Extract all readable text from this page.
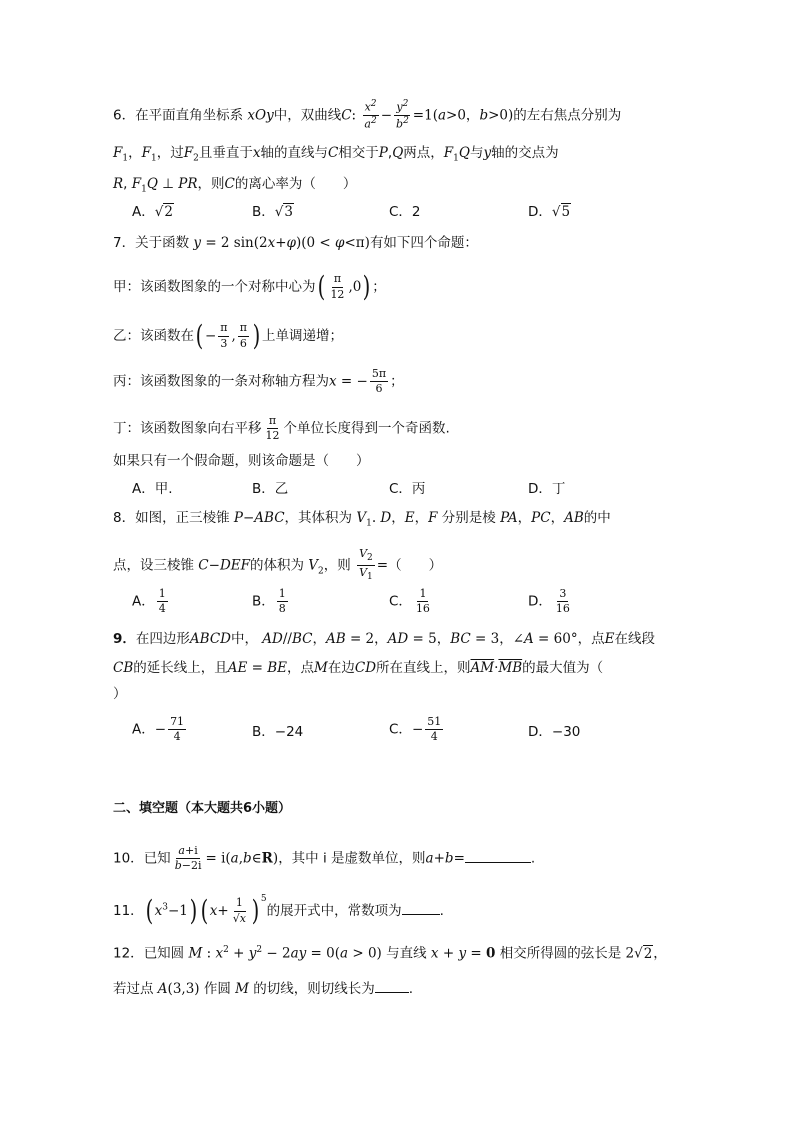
6．在平面直角坐标系 xOy中，双曲线C: $\frac{x^2}{a^2} - \frac{y^2}{b^2} =1(a>0$，b>0)的左右焦点分别为
$F_1$，$F_1$，过$F_2$且垂直于x轴的直线与C相交于P,Q两点，$F_1Q$与y轴的交点为
R, $F_1Q$ ⊥ PR，则C的离心率为（　　）
A．√2	B．√3	C．2	D．√5
7．关于函数 y = 2 sin(2x+φ)(0 < φ<π)有如下四个命题：
甲：该函数图象的一个对称中心为( $\frac{\pi}{12} ,0$) ；
乙：该函数在( − $\frac{\pi}{3}$ , $\frac{\pi}{6}$ ) 上单调递增；
丙：该函数图象的一条对称轴方程为x = − $\frac{5\pi}{6}$ ；
丁：该函数图象向右平移 $\frac{\pi}{12}$ 个单位长度得到一个奇函数.
如果只有一个假命题，则该命题是（　　）
A．甲.	B．乙	C．丙	D．丁
8．如图，正三棱锥 P−ABC，其体积为 $V_1$. D，E，F 分别是棱 PA，PC，AB的中
点，设三棱锥 C−DEF的体积为 $V_2$，则 $\frac{V_2}{V_1}$ =（　　）
A． $\frac{1}{4}$	B． $\frac{1}{8}$	C． $\frac{1}{16}$	D． $\frac{3}{16}$
9．在四边形ABCD中， AD//BC，AB = 2，AD = 5，BC = 3，∠A = 60°，点E在线段
CB的延长线上，且AE = BE，点M在边CD所在直线上，则$\overline{AM}\cdot\overline{MB}$的最大值为（
）
A．− $\frac{71}{4}$	B．−24	C．− $\frac{51}{4}$	D．−30
二、填空题（本大题共6小题）
10．已知 $\frac{a+i}{b-2i}$ = i(a,b∈R)，其中 i 是虚数单位，则a+b=	.
11．( $x^3-1$) ( $x+ \frac{1}{√x}$ ) $^5$的展开式中，常数项为	.
12．已知圆 M : $x^2 + y^2 - 2ay = 0(a > 0)$ 与直线 x + y = 0 相交所得圆的弦长是 2√2，
若过点 A(3,3) 作圆 M 的切线，则切线长为	.
